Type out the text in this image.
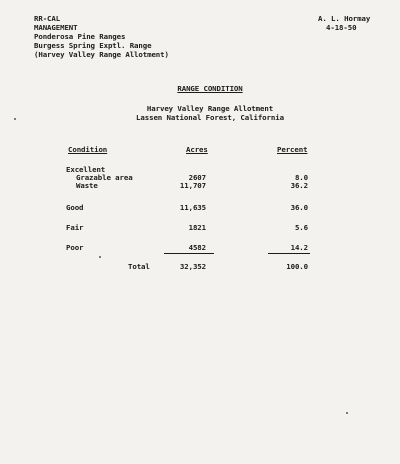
RR-CAL
MANAGEMENT
Ponderosa Pine Ranges
Burgess Spring Exptl. Range
(Harvey Valley Range Allotment)
A. L. Hormay
4-18-50
RANGE CONDITION
Harvey Valley Range Allotment
Lassen National Forest, California
Condition	Acres	Percent
Excellent
Grazable area	2607	8.0
Waste	11,707	36.2
Good	11,635	36.0
Fair	1821	5.6
Poor	4582	14.2
Total	32,352	100.0
